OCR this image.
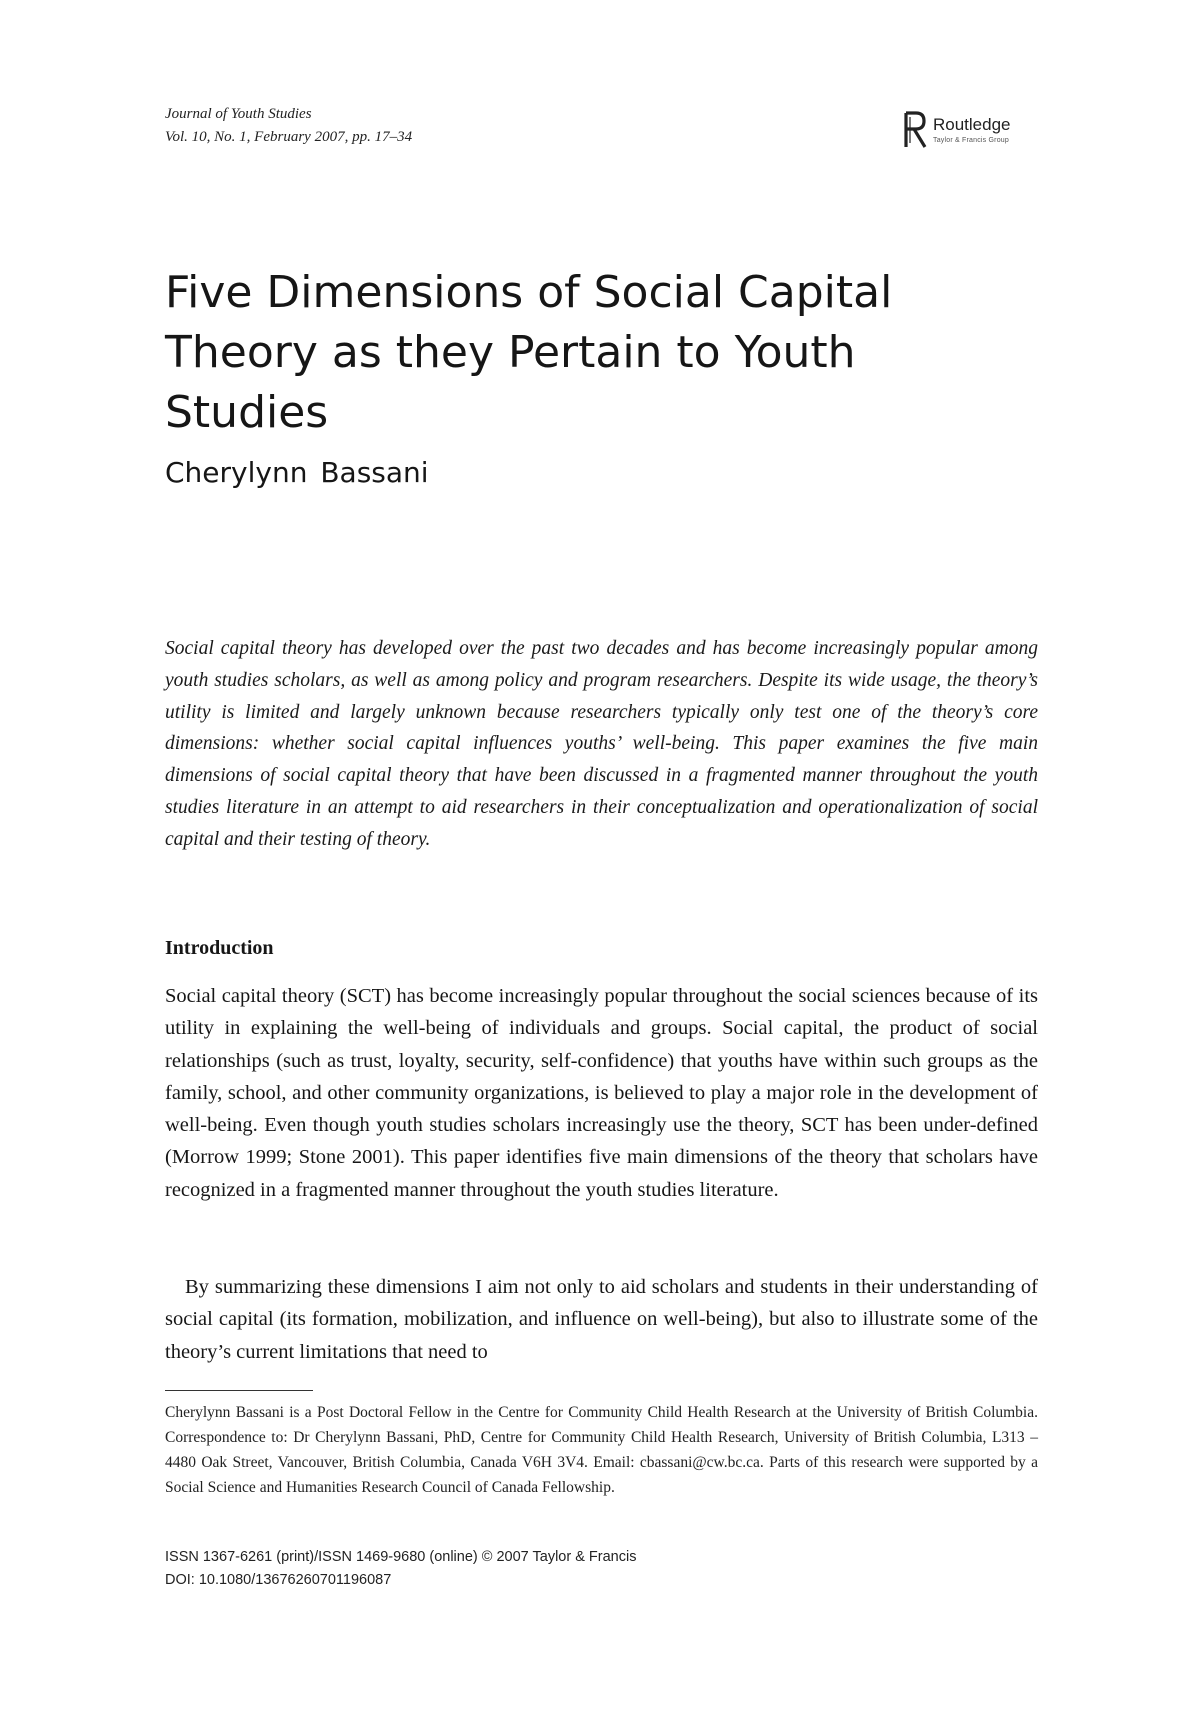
Journal of Youth Studies
Vol. 10, No. 1, February 2007, pp. 17–34
Routledge
Taylor & Francis Group
Five Dimensions of Social Capital Theory as they Pertain to Youth Studies
Cherylynn Bassani

Social capital theory has developed over the past two decades and has become increasingly popular among youth studies scholars, as well as among policy and program researchers. Despite its wide usage, the theory’s utility is limited and largely unknown because researchers typically only test one of the theory’s core dimensions: whether social capital influences youths’ well-being. This paper examines the five main dimensions of social capital theory that have been discussed in a fragmented manner throughout the youth studies literature in an attempt to aid researchers in their conceptualization and operationalization of social capital and their testing of theory.

Introduction

Social capital theory (SCT) has become increasingly popular throughout the social sciences because of its utility in explaining the well-being of individuals and groups. Social capital, the product of social relationships (such as trust, loyalty, security, self-confidence) that youths have within such groups as the family, school, and other community organizations, is believed to play a major role in the development of well-being. Even though youth studies scholars increasingly use the theory, SCT has been under-defined (Morrow 1999; Stone 2001). This paper identifies five main dimensions of the theory that scholars have recognized in a fragmented manner throughout the youth studies literature.

By summarizing these dimensions I aim not only to aid scholars and students in their understanding of social capital (its formation, mobilization, and influence on well-being), but also to illustrate some of the theory’s current limitations that need to

Cherylynn Bassani is a Post Doctoral Fellow in the Centre for Community Child Health Research at the University of British Columbia. Correspondence to: Dr Cherylynn Bassani, PhD, Centre for Community Child Health Research, University of British Columbia, L313 – 4480 Oak Street, Vancouver, British Columbia, Canada V6H 3V4. Email: cbassani@cw.bc.ca. Parts of this research were supported by a Social Science and Humanities Research Council of Canada Fellowship.

ISSN 1367-6261 (print)/ISSN 1469-9680 (online) © 2007 Taylor & Francis
DOI: 10.1080/13676260701196087
